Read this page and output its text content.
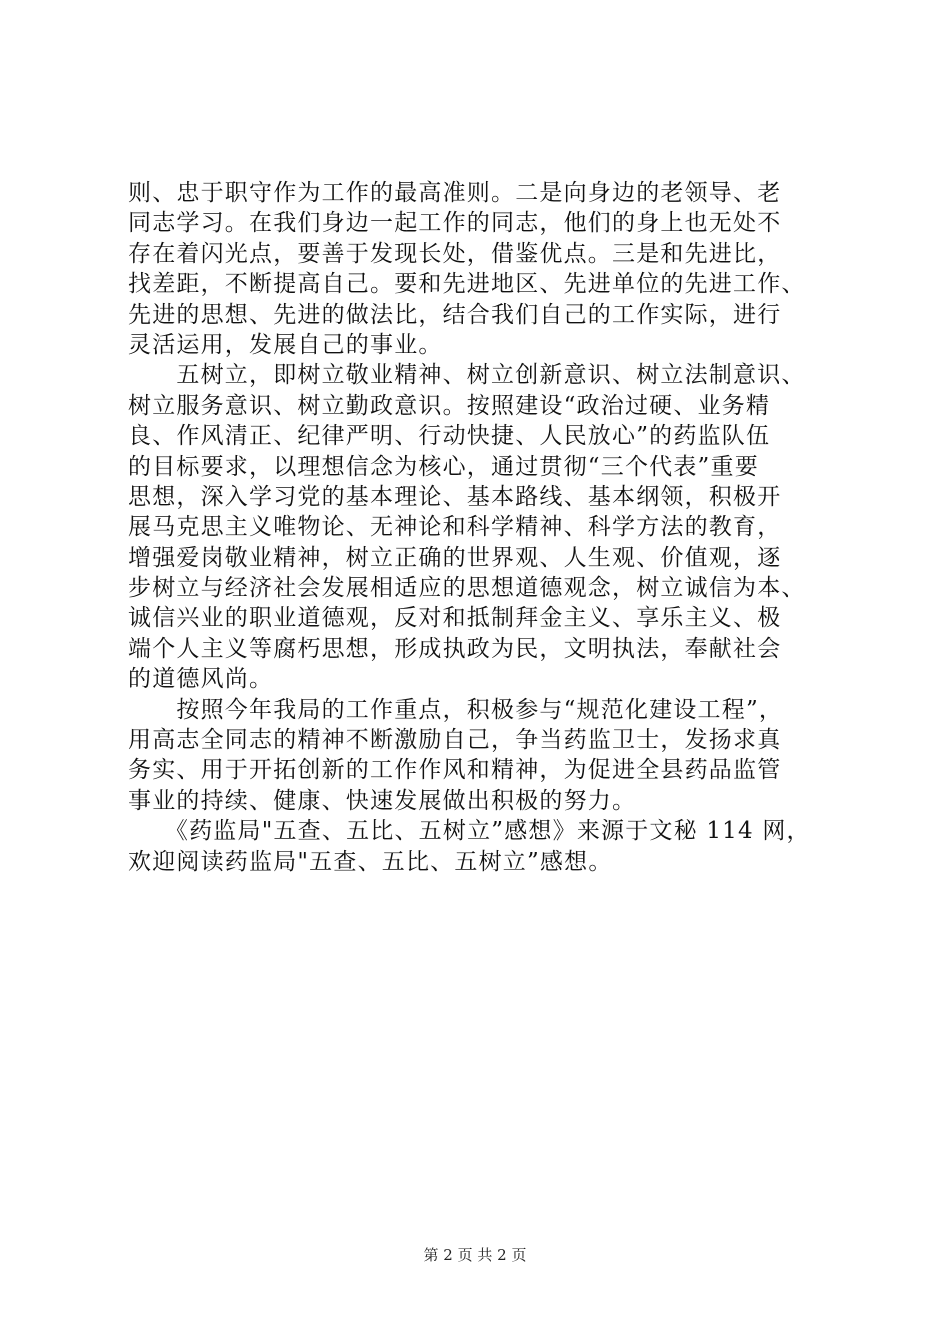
则、忠于职守作为工作的最高准则。二是向身边的老领导、老
同志学习。在我们身边一起工作的同志，他们的身上也无处不
存在着闪光点，要善于发现长处，借鉴优点。三是和先进比，
找差距，不断提高自己。要和先进地区、先进单位的先进工作、
先进的思想、先进的做法比，结合我们自己的工作实际，进行
灵活运用，发展自己的事业。
　　五树立，即树立敬业精神、树立创新意识、树立法制意识、
树立服务意识、树立勤政意识。按照建设“政治过硬、业务精
良、作风清正、纪律严明、行动快捷、人民放心”的药监队伍
的目标要求，以理想信念为核心，通过贯彻“三个代表”重要
思想，深入学习党的基本理论、基本路线、基本纲领，积极开
展马克思主义唯物论、无神论和科学精神、科学方法的教育，
增强爱岗敬业精神，树立正确的世界观、人生观、价值观，逐
步树立与经济社会发展相适应的思想道德观念，树立诚信为本、
诚信兴业的职业道德观，反对和抵制拜金主义、享乐主义、极
端个人主义等腐朽思想，形成执政为民，文明执法，奉献社会
的道德风尚。
　　按照今年我局的工作重点，积极参与“规范化建设工程”，
用高志全同志的精神不断激励自己，争当药监卫士，发扬求真
务实、用于开拓创新的工作作风和精神，为促进全县药品监管
事业的持续、健康、快速发展做出积极的努力。
　　《药监局"五查、五比、五树立”感想》来源于文秘 114 网，
欢迎阅读药监局"五查、五比、五树立”感想。
第 2 页 共 2 页
